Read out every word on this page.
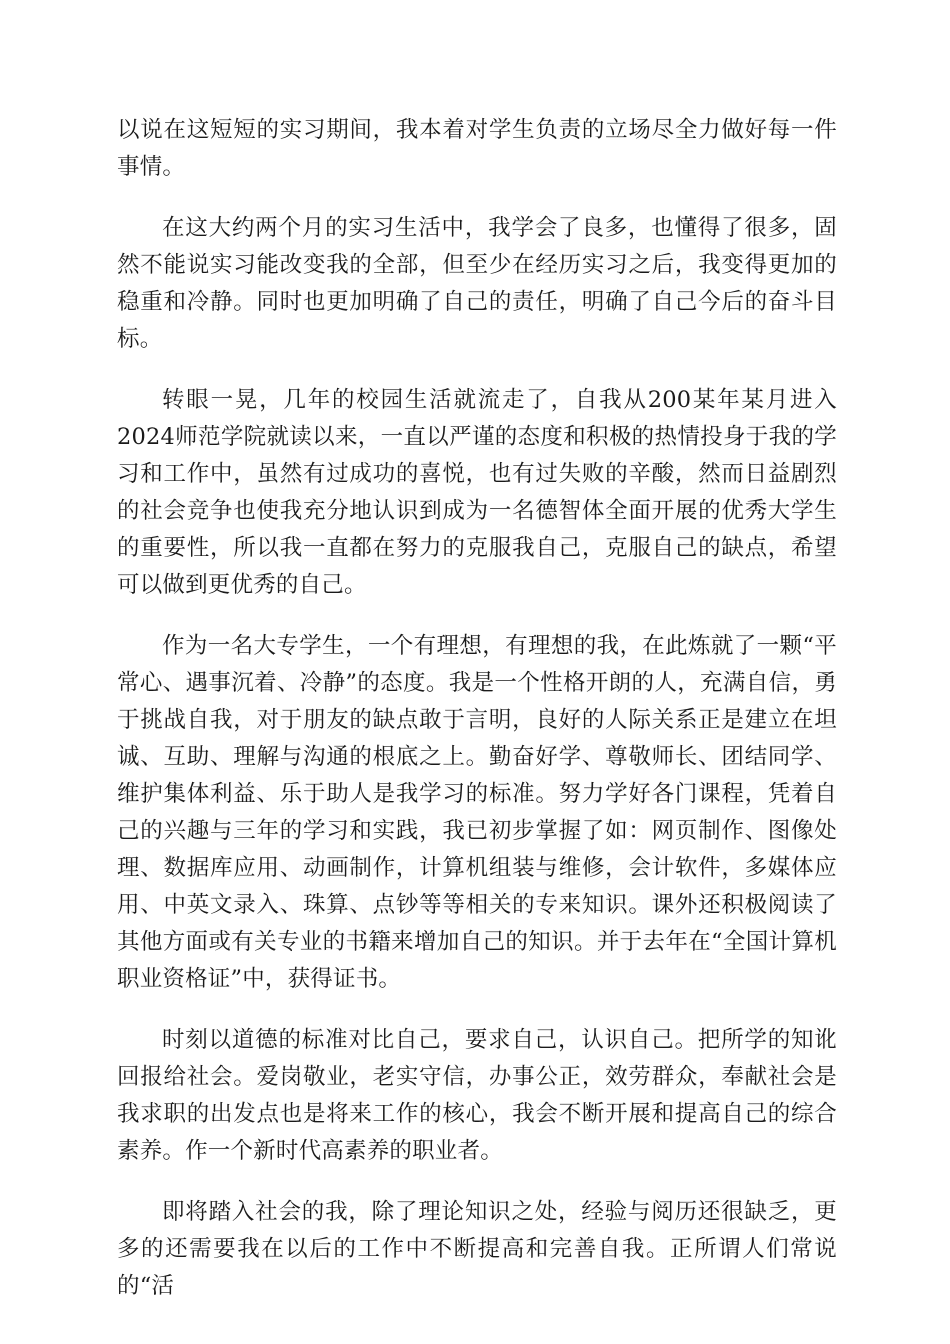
以说在这短短的实习期间，我本着对学生负责的立场尽全力做好每一件事情。

在这大约两个月的实习生活中，我学会了良多，也懂得了很多，固然不能说实习能改变我的全部，但至少在经历实习之后，我变得更加的稳重和冷静。同时也更加明确了自己的责任，明确了自己今后的奋斗目标。

转眼一晃，几年的校园生活就流走了，自我从200某年某月进入2024师范学院就读以来，一直以严谨的态度和积极的热情投身于我的学习和工作中，虽然有过成功的喜悦，也有过失败的辛酸，然而日益剧烈的社会竞争也使我充分地认识到成为一名德智体全面开展的优秀大学生的重要性，所以我一直都在努力的克服我自己，克服自己的缺点，希望可以做到更优秀的自己。

作为一名大专学生，一个有理想，有理想的我，在此炼就了一颗“平常心、遇事沉着、冷静”的态度。我是一个性格开朗的人，充满自信，勇于挑战自我，对于朋友的缺点敢于言明，良好的人际关系正是建立在坦诚、互助、理解与沟通的根底之上。勤奋好学、尊敬师长、团结同学、维护集体利益、乐于助人是我学习的标准。努力学好各门课程，凭着自己的兴趣与三年的学习和实践，我已初步掌握了如：网页制作、图像处理、数据库应用、动画制作，计算机组装与维修，会计软件，多媒体应用、中英文录入、珠算、点钞等等相关的专来知识。课外还积极阅读了其他方面或有关专业的书籍来增加自己的知识。并于去年在“全国计算机职业资格证”中，获得证书。

时刻以道德的标准对比自己，要求自己，认识自己。把所学的知讹回报给社会。爱岗敬业，老实守信，办事公正，效劳群众，奉献社会是我求职的出发点也是将来工作的核心，我会不断开展和提高自己的综合素养。作一个新时代高素养的职业者。

即将踏入社会的我，除了理论知识之处，经验与阅历还很缺乏，更多的还需要我在以后的工作中不断提高和完善自我。正所谓人们常说的“活
